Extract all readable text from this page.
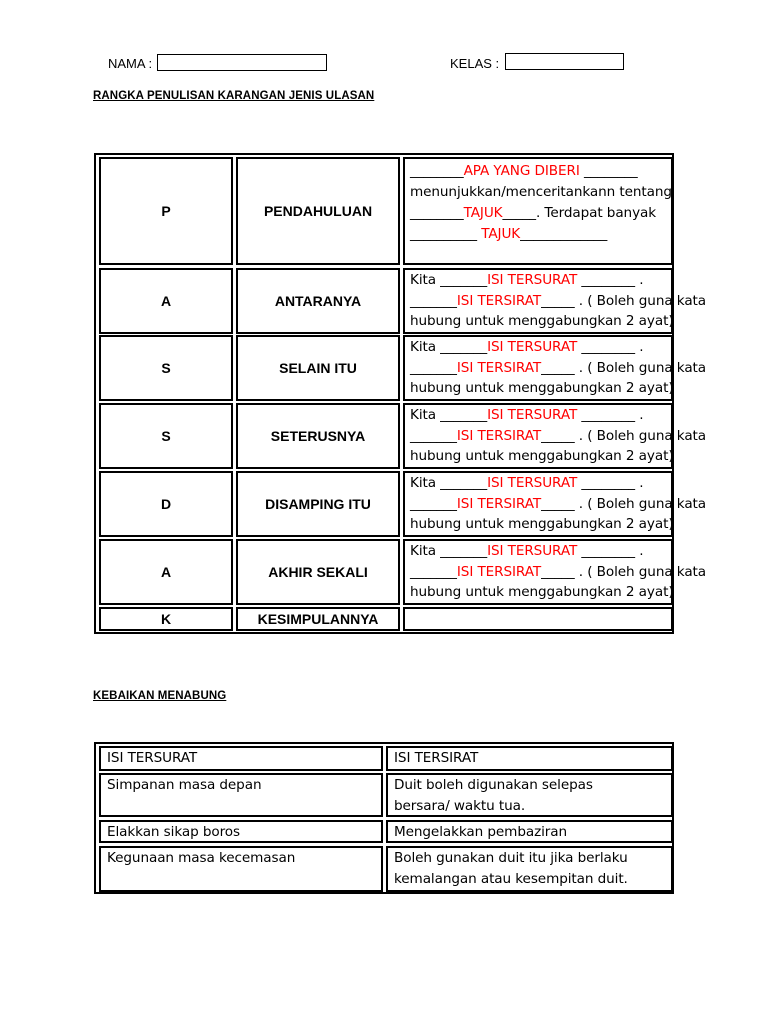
NAMA :	KELAS :
RANGKA PENULISAN KARANGAN JENIS ULASAN
P	PENDAHULUAN
________APA YANG DIBERI ________
menunjukkan/menceritankann tentang
________TAJUK_____. Terdapat banyak
__________ TAJUK_____________
A	ANTARANYA
Kita _______ISI TERSURAT ________ .
_______ISI TERSIRAT_____ . ( Boleh guna kata
hubung untuk menggabungkan 2 ayat)
S	SELAIN ITU
Kita _______ISI TERSURAT ________ .
_______ISI TERSIRAT_____ . ( Boleh guna kata
hubung untuk menggabungkan 2 ayat)
S	SETERUSNYA
Kita _______ISI TERSURAT ________ .
_______ISI TERSIRAT_____ . ( Boleh guna kata
hubung untuk menggabungkan 2 ayat)
D	DISAMPING ITU
Kita _______ISI TERSURAT ________ .
_______ISI TERSIRAT_____ . ( Boleh guna kata
hubung untuk menggabungkan 2 ayat)
A	AKHIR SEKALI
Kita _______ISI TERSURAT ________ .
_______ISI TERSIRAT_____ . ( Boleh guna kata
hubung untuk menggabungkan 2 ayat)
K	KESIMPULANNYA
KEBAIKAN MENABUNG
ISI TERSURAT	ISI TERSIRAT
Simpanan masa depan	Duit boleh digunakan selepas
bersara/ waktu tua.
Elakkan sikap boros	Mengelakkan pembaziran
Kegunaan masa kecemasan	Boleh gunakan duit itu jika berlaku
kemalangan atau kesempitan duit.
